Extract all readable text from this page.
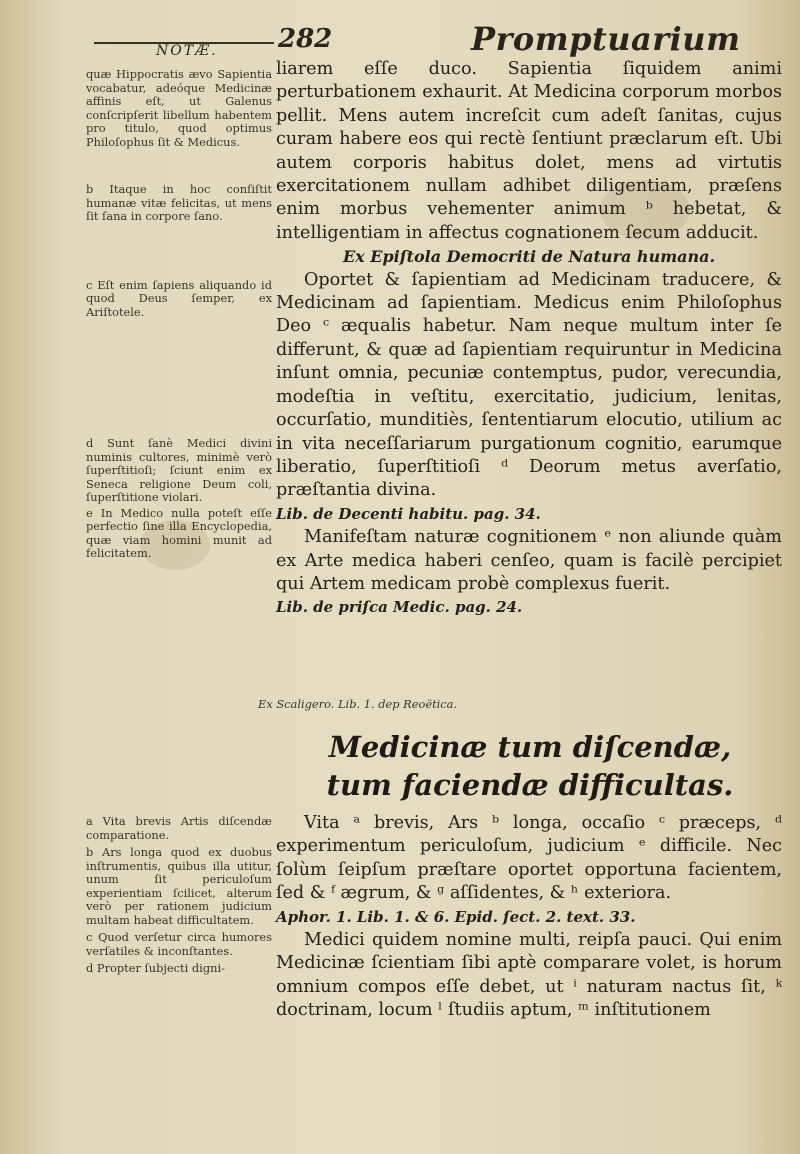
NOTÆ. 282	Promptuarium

quæ Hippocratis ævo Sapientia vocabatur, adeóque Medicinæ affinis eſt, ut Galenus conſcripſerit libellum habentem pro titulo, quod optimus Philoſophus ſit & Medicus.

b Itaque in hoc conſiſtit humanæ vitæ felicitas, ut mens ſit ſana in corpore ſano.

c Eſt enim ſapiens aliquando id quod Deus ſemper, ex Ariſtotele.

d Sunt ſanè Medici divini numinis cultores, minimè verò ſuperſtitioſi; ſciunt enim ex Seneca religione Deum coli, ſuperſtitione violari.

e In Medico nulla poteſt eſſe perfectio ſine illa Encyclopedia, quæ viam homini munit ad felicitatem.

liarem eſſe duco. Sapientia ſiquidem animi perturbationem exhaurit. At Medicina corporum morbos pellit. Mens autem increſcit cum adeſt ſanitas, cujus curam habere eos qui rectè ſentiunt præclarum eſt. Ubi autem corporis habitus dolet, mens ad virtutis exercitationem nullam adhibet diligentiam, præſens enim morbus vehementer animum ᵇ hebetat, & intelligentiam in affectus cognationem ſecum adducit.

Ex Epiſtola Democriti de Natura humana.

Oportet & ſapientiam ad Medicinam traducere, & Medicinam ad ſapientiam. Medicus enim Philoſophus Deo ᶜ æqualis habetur. Nam neque multum inter ſe differunt, & quæ ad ſapientiam requiruntur in Medicina inſunt omnia, pecuniæ contemptus, pudor, verecundia, modeſtia in veſtitu, exercitatio, judicium, lenitas, occurſatio, munditiès, ſententiarum elocutio, utilium ac in vita neceſſariarum purgationum cognitio, earumque liberatio, ſuperſtitioſi ᵈ Deorum metus averſatio, præſtantia divina.

Lib. de Decenti habitu. pag. 34.

Manifeſtam naturæ cognitionem ᵉ non aliunde quàm ex Arte medica haberi cenſeo, quam is facilè percipiet qui Artem medicam probè complexus fuerit.

Lib. de priſca Medic. pag. 24.

Ex Scaligero. Lib. 1. dep Reoëtica.
Medicinæ tum diſcendæ, tum faciendæ difficultas.

a Vita brevis Artis diſcendæ comparatione.

b Ars longa quod ex duobus inſtrumentis, quibus illa utitur, unum ſit periculoſum experientiam ſcilicet, alterum verò per rationem judicium multam habeat difficultatem.

c Quod verſetur circa humores verſatiles & inconſtantes.

d Propter ſubjecti digni-

Vita ᵃ brevis, Ars ᵇ longa, occaſio ᶜ præceps, ᵈ experimentum periculoſum, judicium ᵉ difficile. Nec ſolùm ſeipſum præſtare oportet opportuna facientem, ſed & ᶠ ægrum, & ᵍ aſſidentes, & ʰ exteriora.

Aphor. 1. Lib. 1. & 6. Epid. ſect. 2. text. 33.

Medici quidem nomine multi, reipſa pauci. Qui enim Medicinæ ſcientiam ſibi aptè comparare volet, is horum omnium compos eſſe debet, ut ⁱ naturam nactus ſit, ᵏ doctrinam, locum ˡ ſtudiis aptum, ᵐ inſtitutionem
